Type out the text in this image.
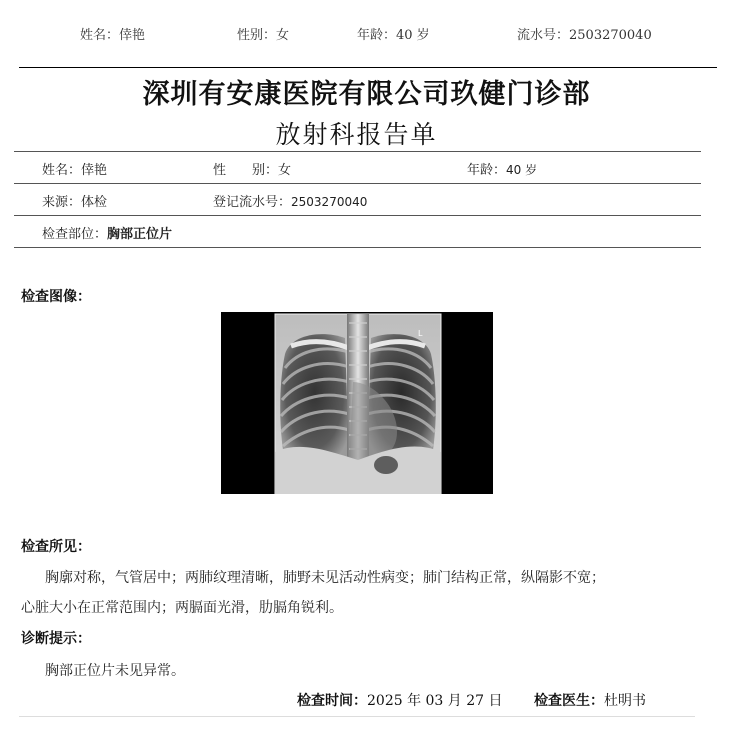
姓名：倖艳	性别：女	年龄：40 岁	流水号：2503270040
深圳有安康医院有限公司玖健门诊部
放射科报告单
姓名：倖艳	性　　别：女	年龄：40 岁
来源：体检	登记流水号：2503270040
检查部位：胸部正位片
检查图像：
L
检查所见：
胸廓对称，气管居中；两肺纹理清晰，肺野未见活动性病变；肺门结构正常，纵隔影不宽；
心脏大小在正常范围内；两膈面光滑，肋膈角锐利。
诊断提示：
胸部正位片未见异常。
检查时间：2025 年 03 月 27 日 检查医生：杜明书
